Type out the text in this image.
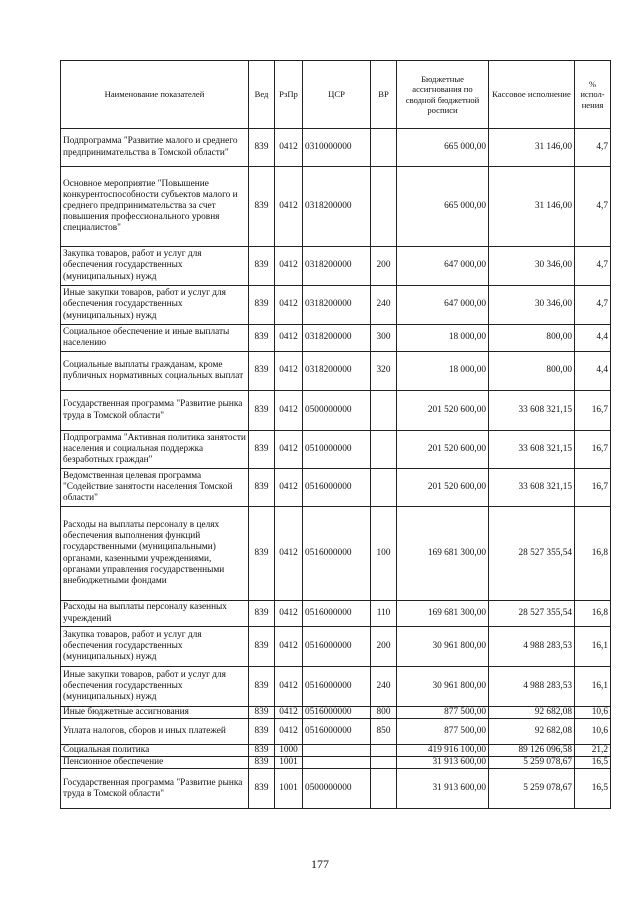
Наименование показателей	Вед	РзПр	ЦСР	ВР	Бюджетные ассигнования по сводной бюджетной росписи	Кассовое исполнение	% испол- нения
Подпрограмма "Развитие малого и среднего предпринимательства в Томской области"	839	0412	0310000000		665 000,00	31 146,00	4,7
Основное мероприятие "Повышение конкурентоспособности субъектов малого и среднего предпринимательства за счет повышения профессионального уровня специалистов"	839	0412	0318200000		665 000,00	31 146,00	4,7
Закупка товаров, работ и услуг для обеспечения государственных (муниципальных) нужд	839	0412	0318200000	200	647 000,00	30 346,00	4,7
Иные закупки товаров, работ и услуг для обеспечения государственных (муниципальных) нужд	839	0412	0318200000	240	647 000,00	30 346,00	4,7
Социальное обеспечение и иные выплаты населению	839	0412	0318200000	300	18 000,00	800,00	4,4
Социальные выплаты гражданам, кроме публичных нормативных социальных выплат	839	0412	0318200000	320	18 000,00	800,00	4,4
Государственная программа "Развитие рынка труда в Томской области"	839	0412	0500000000		201 520 600,00	33 608 321,15	16,7
Подпрограмма "Активная политика занятости населения и социальная поддержка безработных граждан"	839	0412	0510000000		201 520 600,00	33 608 321,15	16,7
Ведомственная целевая программа "Содействие занятости населения Томской области"	839	0412	0516000000		201 520 600,00	33 608 321,15	16,7
Расходы на выплаты персоналу в целях обеспечения выполнения функций государственными (муниципальными) органами, казенными учреждениями, органами управления государственными внебюджетными фондами	839	0412	0516000000	100	169 681 300,00	28 527 355,54	16,8
Расходы на выплаты персоналу казенных учреждений	839	0412	0516000000	110	169 681 300,00	28 527 355,54	16,8
Закупка товаров, работ и услуг для обеспечения государственных (муниципальных) нужд	839	0412	0516000000	200	30 961 800,00	4 988 283,53	16,1
Иные закупки товаров, работ и услуг для обеспечения государственных (муниципальных) нужд	839	0412	0516000000	240	30 961 800,00	4 988 283,53	16,1
Иные бюджетные ассигнования	839	0412	0516000000	800	877 500,00	92 682,08	10,6
Уплата налогов, сборов и иных платежей	839	0412	0516000000	850	877 500,00	92 682,08	10,6
Социальная политика	839	1000			419 916 100,00	89 126 096,58	21,2
Пенсионное обеспечение	839	1001			31 913 600,00	5 259 078,67	16,5
Государственная программа "Развитие рынка труда в Томской области"	839	1001	0500000000		31 913 600,00	5 259 078,67	16,5
177
